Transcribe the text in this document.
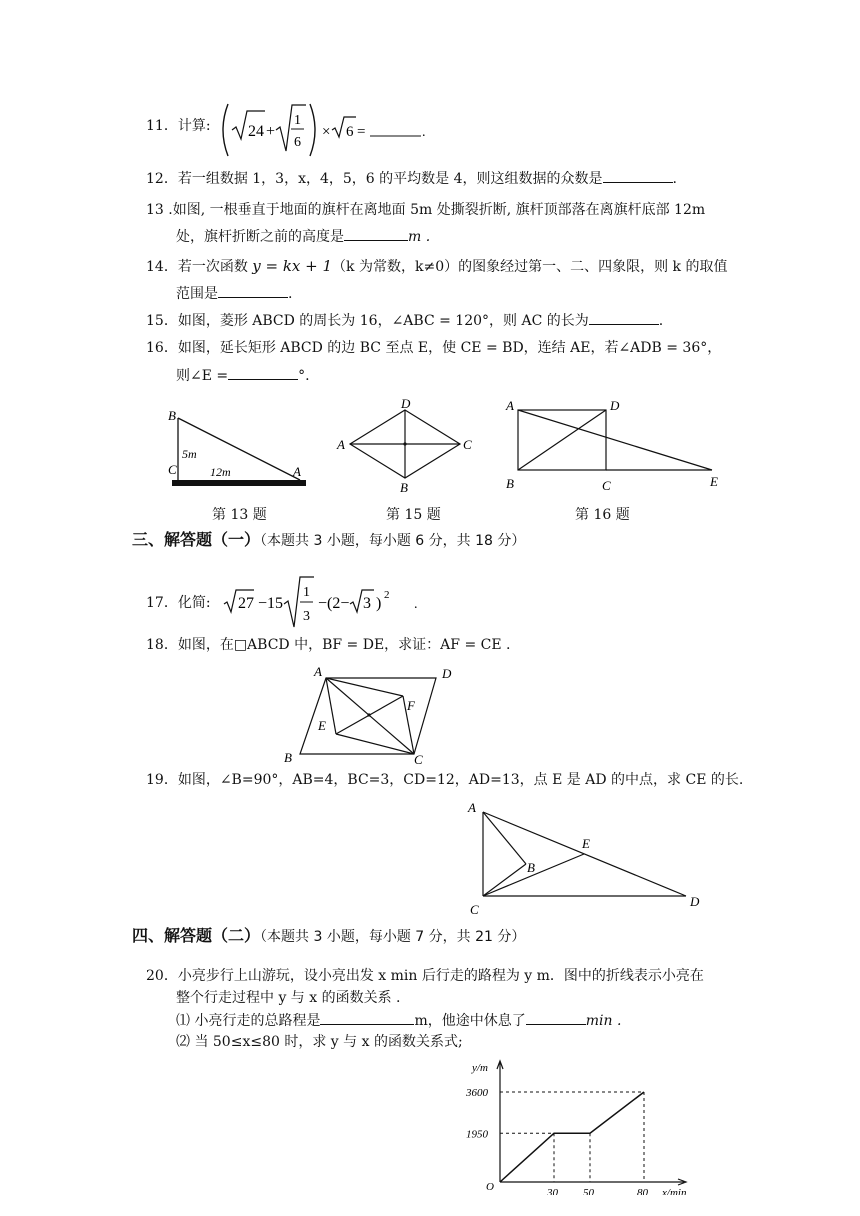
11．计算: 24 +
1
6
× 6 =	.
12．若一组数据 1，3，x，4，5，6 的平均数是 4，则这组数据的众数是	.
13 .如图, 一根垂直于地面的旗杆在离地面 5m 处撕裂折断, 旗杆顶部落在离旗杆底部 12m
处，旗杆折断之前的高度是	m .
14．若一次函数 y = kx + 1（k 为常数，k≠0）的图象经过第一、二、四象限，则 k 的取值
范围是	.
15．如图，菱形 ABCD 的周长为 16，∠ABC = 120°，则 AC 的长为	.
16．如图，延长矩形 ABCD 的边 BC 至点 E，使 CE = BD，连结 AE，若∠ADB = 36°，
则∠E =	°.
B
C	A
5m
12m
第 13 题
D
A	C
B
第 15 题
A	D
B	C	E
第 16 题
三、解答题（一）（本题共 3 小题，每小题 6 分，共 18 分）
17．化简: 27 −15
1
3
−(2− 3 ) 2
.
18．如图，在□ABCD 中，BF = DE，求证：AF = CE .
A	D
F
E
B	C
19．如图，∠B=90°，AB=4，BC=3，CD=12，AD=13，点 E 是 AD 的中点，求 CE 的长.
A
B
E
C
D
四、解答题（二）（本题共 3 小题，每小题 7 分，共 21 分）
20．小亮步行上山游玩，设小亮出发 x min 后行走的路程为 y m．图中的折线表示小亮在
整个行走过程中 y 与 x 的函数关系 .
⑴ 小亮行走的总路程是	m，他途中休息了	min .
⑵ 当 50≤x≤80 时，求 y 与 x 的函数关系式;
30 50	80
1950
3600
O	x/min
y/m
